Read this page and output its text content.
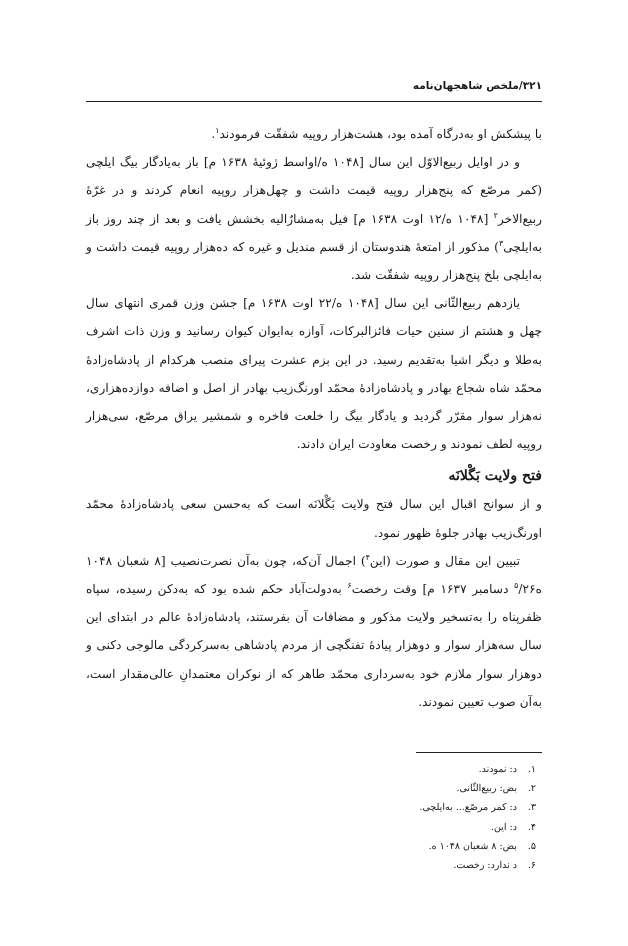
۳۲۱/ملخص شاهجهان‌نامه

با پیشکش او به‌درگاه آمده بود، هشت‌هزار روپیه شفقّت فرمودند$^۱$.

و در اوایل ربیع‌الاوّل این سال [۱۰۴۸ ه/اواسط ژوئیهٔ ۱۶۳۸ م] باز به‌یادگار بیگ ایلچی (کمر مرصّع که پنج‌هزار روپیه قیمت داشت و چهل‌هزار روپیه انعام کردند و در غرّهٔ ربیع‌الاخر$^۲$ [۱۰۴۸ ه/۱۲ اوت ۱۶۳۸ م] فیل به‌مشارٌالیه بخشش یافت و بعد از چند روز باز به‌ایلچی$^۳$) مذکور از امتعهٔ هندوستان از قسم مندیل و غیره که ده‌هزار روپیه قیمت داشت و به‌ایلچی بلخ پنج‌هزار روپیه شفقّت شد.

یازدهم ربیع‌الثّانی این سال [۱۰۴۸ ه/۲۲ اوت ۱۶۳۸ م] جشن وزن قمری انتهای سال چهل و هشتم از سنین حیات فائزالبرکات، آوازه به‌ایوان کیوان رسانید و وزن ذات اشرف به‌طلا و دیگر اشیا به‌تقدیم رسید. در این بزم عشرت پیرای منصب هرکدام از پادشاه‌زادهٔ محمّد شاه شجاع بهادر و پادشاه‌زادهٔ محمّد اورنگ‌زیب بهادر از اصل و اضافه دوازده‌هزاری، نه‌هزار سوار مقرّر گردید و یادگار بیگ را خلعت فاخره و شمشیر یراق مرصّع، سی‌هزار روپیه لطف نمودند و رخصت معاودت ایران دادند.

فتح ولایت بَگْلانَه

و از سوانح اقبال این سال فتح ولایت بَگْلانَه است که به‌حسن سعی پادشاه‌زادهٔ محمّد اورنگ‌زیب بهادر جلوهٔ ظهور نمود.

تبیین این مقال و صورت (این$^۴$) اجمال آن‌که، چون به‌آن نصرت‌نصیب [۸ شعبان ۱۰۴۸ ه$^۵$/۲۶ دسامبر ۱۶۳۷ م] وقت رخصت$^۶$ به‌دولت‌آباد حکم شده بود که به‌دکن رسیده، سپاه ظفرپناه را به‌تسخیر ولایت مذکور و مضافات آن بفرستند، پادشاه‌زادهٔ عالم در ابتدای این سال سه‌هزار سوار و دوهزار پیادهٔ تفنگچی از مردم پادشاهی به‌سرکردگی مالوجی دکنی و دوهزار سوار ملازم خود به‌سرداری محمّد طاهر که از نوکران معتمدانِ عالی‌مقدار است، به‌آن صوب تعیین نمودند.

۱. د: نمودند.
۲. بض: ربیع‌الثّانی.
۳. د: کمر مرصّع... به‌ایلچی.
۴. د: این.
۵. بض: ۸ شعبان ۱۰۴۸ ه.
۶. د ندارد: رخصت.
